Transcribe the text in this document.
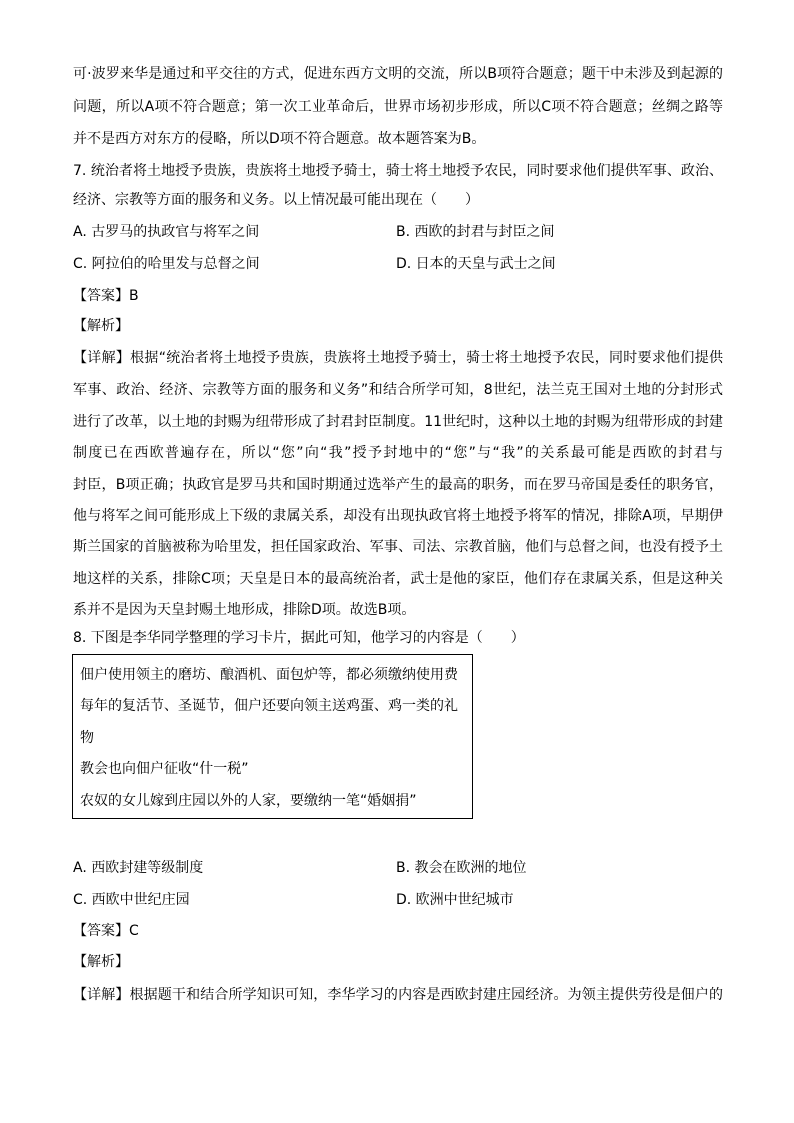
可·波罗来华是通过和平交往的方式，促进东西方文明的交流，所以B项符合题意；题干中未涉及到起源的
问题，所以A项不符合题意；第一次工业革命后，世界市场初步形成，所以C项不符合题意；丝绸之路等
并不是西方对东方的侵略，所以D项不符合题意。故本题答案为B。
7. 统治者将土地授予贵族，贵族将土地授予骑士，骑士将土地授予农民，同时要求他们提供军事、政治、
经济、宗教等方面的服务和义务。以上情况最可能出现在（　　）
A. 古罗马的执政官与将军之间	B. 西欧的封君与封臣之间
C. 阿拉伯的哈里发与总督之间	D. 日本的天皇与武士之间
【答案】B
【解析】
【详解】根据“统治者将土地授予贵族，贵族将土地授予骑士，骑士将土地授予农民，同时要求他们提供
军事、政治、经济、宗教等方面的服务和义务”和结合所学可知，8世纪，法兰克王国对土地的分封形式
进行了改革，以土地的封赐为纽带形成了封君封臣制度。11世纪时，这种以土地的封赐为纽带形成的封建
制度已在西欧普遍存在，所以“您”向“我”授予封地中的“您”与“我”的关系最可能是西欧的封君与
封臣，B项正确；执政官是罗马共和国时期通过选举产生的最高的职务，而在罗马帝国是委任的职务官，
他与将军之间可能形成上下级的隶属关系，却没有出现执政官将土地授予将军的情况，排除A项，早期伊
斯兰国家的首脑被称为哈里发，担任国家政治、军事、司法、宗教首脑，他们与总督之间，也没有授予土
地这样的关系，排除C项；天皇是日本的最高统治者，武士是他的家臣，他们存在隶属关系，但是这种关
系并不是因为天皇封赐土地形成，排除D项。故选B项。
8. 下图是李华同学整理的学习卡片，据此可知，他学习的内容是（　　）
佃户使用领主的磨坊、酿酒机、面包炉等，都必须缴纳使用费
每年的复活节、圣诞节，佃户还要向领主送鸡蛋、鸡一类的礼
物
教会也向佃户征收“什一税”
农奴的女儿嫁到庄园以外的人家，要缴纳一笔“婚姻捐”
A. 西欧封建等级制度	B. 教会在欧洲的地位
C. 西欧中世纪庄园	D. 欧洲中世纪城市
【答案】C
【解析】
【详解】根据题干和结合所学知识可知，李华学习的内容是西欧封建庄园经济。为领主提供劳役是佃户的
